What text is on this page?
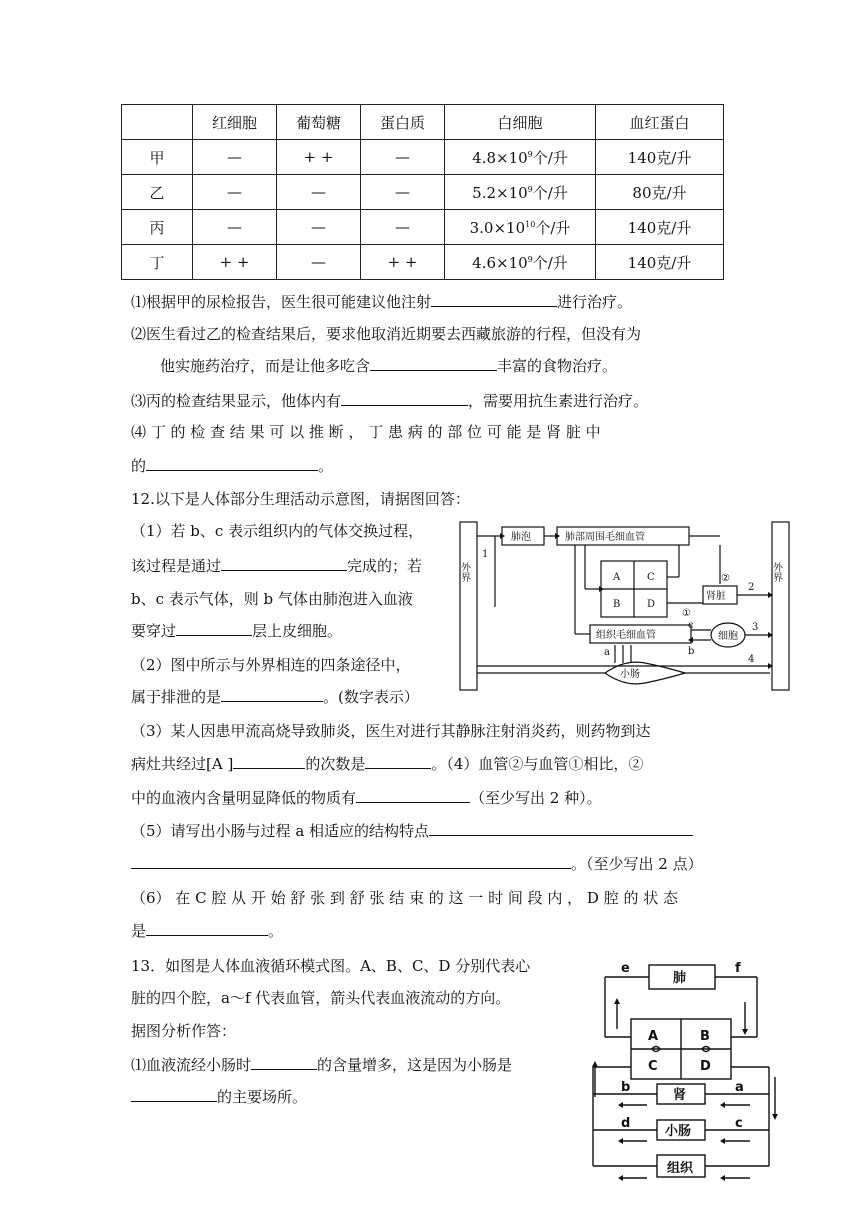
	红细胞	葡萄糖	蛋白质	白细胞	血红蛋白
甲	—	+ +	—	$4.8\times 10^9$个/升	140克/升
乙	—	—	—	$5.2\times 10^9$个/升	80克/升
丙	—	—	—	$3.0\times 10^{10}$个/升	140克/升
丁	+ +	—	+ +	$4.6\times 10^9$个/升	140克/升
⑴根据甲的尿检报告，医生很可能建议他注射	进行治疗。
⑵医生看过乙的检查结果后，要求他取消近期要去西藏旅游的行程，但没有为
他实施药治疗，而是让他多吃含	丰富的食物治疗。
⑶丙的检查结果显示，他体内有	，需要用抗生素进行治疗。
⑷ 丁 的 检 查 结 果 可 以 推 断 ， 丁 患 病 的 部 位 可 能 是 肾 脏 中
的	。
12.以下是人体部分生理活动示意图，请据图回答：
（1）若 b、c 表示组织内的气体交换过程，
该过程是通过	完成的；若
b、c 表示气体，则 b 气体由肺泡进入血液
要穿过	层上皮细胞。
（2）图中所示与外界相连的四条途径中，
属于排泄的是	。(数字表示）
（3）某人因患甲流高烧导致肺炎，医生对进行其静脉注射消炎药，则药物到达
病灶共经过[A ]	的次数是	。（4）血管②与血管①相比，②
中的血液内含量明显降低的物质有	（至少写出 2 种）。
（5）请写出小肠与过程 a 相适应的结构特点
。（至少写出 2 点）
（6） 在 C 腔 从 开 始 舒 张 到 舒 张 结 束 的 这 一 时 间 段 内 ， D 腔 的 状 态
是	。
外界	外界
肺泡	肺部周围毛细血管
A	C
B	D
肾脏
组织毛细血管	细胞
小肠
1
2
3
4
a	b
c
①
②
13．如图是人体血液循环模式图。A、B、C、D 分别代表心
脏的四个腔，a～f 代表血管，箭头代表血液流动的方向。
据图分析作答：
⑴血液流经小肠时	的含量增多，这是因为小肠是
的主要场所。
肺
A	B
C	D
肾
小肠
组织
e	f
b	a
d	c
